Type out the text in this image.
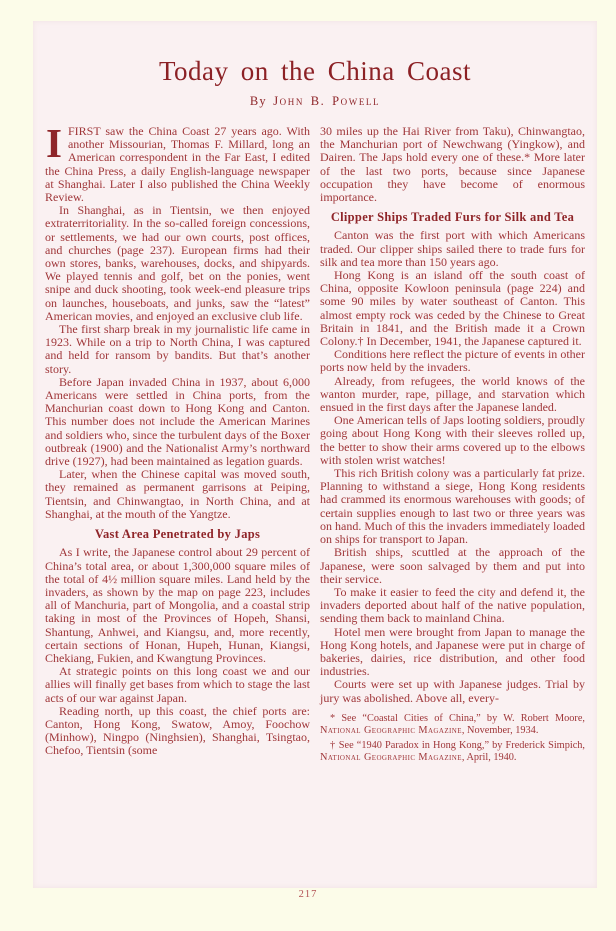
Today on the China Coast
By John B. Powell

IFIRST saw the China Coast 27 years ago. With another Missourian, Thomas F. Millard, long an American correspondent in the Far East, I edited the China Press, a daily English-language newspaper at Shanghai. Later I also published the China Weekly Review.

In Shanghai, as in Tientsin, we then enjoyed extraterritoriality. In the so-called foreign concessions, or settlements, we had our own courts, post offices, and churches (page 237). European firms had their own stores, banks, warehouses, docks, and shipyards. We played tennis and golf, bet on the ponies, went snipe and duck shooting, took week-end pleasure trips on launches, houseboats, and junks, saw the “latest” American movies, and enjoyed an exclusive club life.

The first sharp break in my journalistic life came in 1923. While on a trip to North China, I was captured and held for ransom by bandits. But that’s another story.

Before Japan invaded China in 1937, about 6,000 Americans were settled in China ports, from the Manchurian coast down to Hong Kong and Canton. This number does not include the American Marines and soldiers who, since the turbulent days of the Boxer outbreak (1900) and the Nationalist Army’s northward drive (1927), had been maintained as legation guards.

Later, when the Chinese capital was moved south, they remained as permanent garrisons at Peiping, Tientsin, and Chinwangtao, in North China, and at Shanghai, at the mouth of the Yangtze.

Vast Area Penetrated by Japs

As I write, the Japanese control about 29 percent of China’s total area, or about 1,300,000 square miles of the total of 4½ million square miles. Land held by the invaders, as shown by the map on page 223, includes all of Manchuria, part of Mongolia, and a coastal strip taking in most of the Provinces of Hopeh, Shansi, Shantung, Anhwei, and Kiangsu, and, more recently, certain sections of Honan, Hupeh, Hunan, Kiangsi, Chekiang, Fukien, and Kwangtung Provinces.

At strategic points on this long coast we and our allies will finally get bases from which to stage the last acts of our war against Japan.

Reading north, up this coast, the chief ports are: Canton, Hong Kong, Swatow, Amoy, Foochow (Minhow), Ningpo (Ninghsien), Shanghai, Tsingtao, Chefoo, Tientsin (some

30 miles up the Hai River from Taku), Chinwangtao, the Manchurian port of Newchwang (Yingkow), and Dairen. The Japs hold every one of these.* More later of the last two ports, because since Japanese occupation they have become of enormous importance.

Clipper Ships Traded Furs for Silk and Tea

Canton was the first port with which Americans traded. Our clipper ships sailed there to trade furs for silk and tea more than 150 years ago.

Hong Kong is an island off the south coast of China, opposite Kowloon peninsula (page 224) and some 90 miles by water southeast of Canton. This almost empty rock was ceded by the Chinese to Great Britain in 1841, and the British made it a Crown Colony.† In December, 1941, the Japanese captured it.

Conditions here reflect the picture of events in other ports now held by the invaders.

Already, from refugees, the world knows of the wanton murder, rape, pillage, and starvation which ensued in the first days after the Japanese landed.

One American tells of Japs looting soldiers, proudly going about Hong Kong with their sleeves rolled up, the better to show their arms covered up to the elbows with stolen wrist watches!

This rich British colony was a particularly fat prize. Planning to withstand a siege, Hong Kong residents had crammed its enormous warehouses with goods; of certain supplies enough to last two or three years was on hand. Much of this the invaders immediately loaded on ships for transport to Japan.

British ships, scuttled at the approach of the Japanese, were soon salvaged by them and put into their service.

To make it easier to feed the city and defend it, the invaders deported about half of the native population, sending them back to mainland China.

Hotel men were brought from Japan to manage the Hong Kong hotels, and Japanese were put in charge of bakeries, dairies, rice distribution, and other food industries.

Courts were set up with Japanese judges. Trial by jury was abolished. Above all, every-

* See “Coastal Cities of China,” by W. Robert Moore, National Geographic Magazine, November, 1934.

† See “1940 Paradox in Hong Kong,” by Frederick Simpich, National Geographic Magazine, April, 1940.

217
